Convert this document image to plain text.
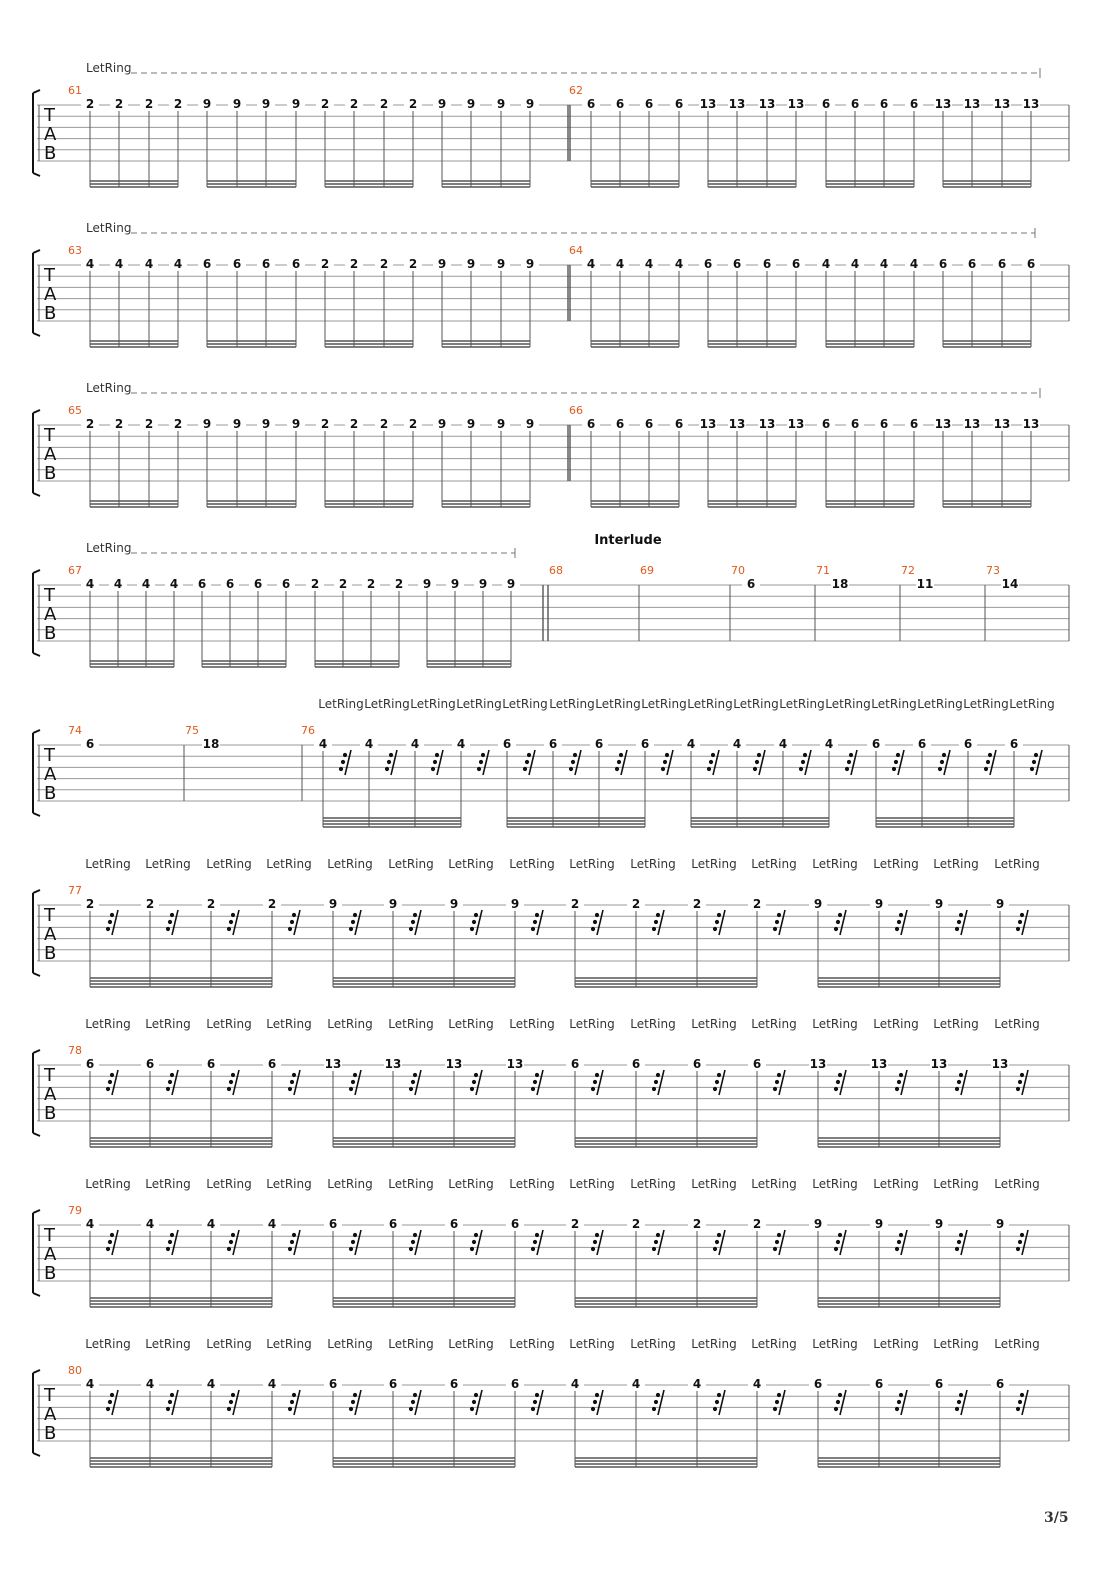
T
A
B
LetRing
61
2 2 2 2 9 9 9 9 2 2 2 2 9 9 9 9
62
6 6 6 6 13 13 13 13 6 6 6 6 13 13 13 13
T
A
B
LetRing
63
4 4 4 4 6 6 6 6 2 2 2 2 9 9 9 9
64
4 4 4 4 6 6 6 6 4 4 4 4 6 6 6 6
T
A
B
LetRing
65
2 2 2 2 9 9 9 9 2 2 2 2 9 9 9 9
66
6 6 6 6 13 13 13 13 6 6 6 6 13 13 13 13
T
A
B
LetRing	Interlude
67
4 4 4 4 6 6 6 6 2 2 2 2 9 9 9 9
68	69	70
6
71
18
72
11
73
14
T
A
B
LetRing LetRing LetRing LetRing LetRing LetRing LetRing LetRing LetRing LetRing LetRing LetRing LetRing LetRing LetRing LetRing
74
6
75
18
76
4	4	4	4	6	6	6	6	4	4	4	4	6	6	6	6
T
A
B
LetRing LetRing LetRing LetRing LetRing LetRing LetRing LetRing LetRing LetRing LetRing LetRing LetRing LetRing LetRing LetRing
77
2	2	2	2	9	9	9	9	2	2	2	2	9	9	9	9
T
A
B
LetRing LetRing LetRing LetRing LetRing LetRing LetRing LetRing LetRing LetRing LetRing LetRing LetRing LetRing LetRing LetRing
78
6	6	6	6	13	13	13	13	6	6	6	6	13	13	13	13
T
A
B
LetRing LetRing LetRing LetRing LetRing LetRing LetRing LetRing LetRing LetRing LetRing LetRing LetRing LetRing LetRing LetRing
79
4	4	4	4	6	6	6	6	2	2	2	2	9	9	9	9
T
A
B
LetRing LetRing LetRing LetRing LetRing LetRing LetRing LetRing LetRing LetRing LetRing LetRing LetRing LetRing LetRing LetRing
80
4	4	4	4	6	6	6	6	4	4	4	4	6	6	6	6
3/5
